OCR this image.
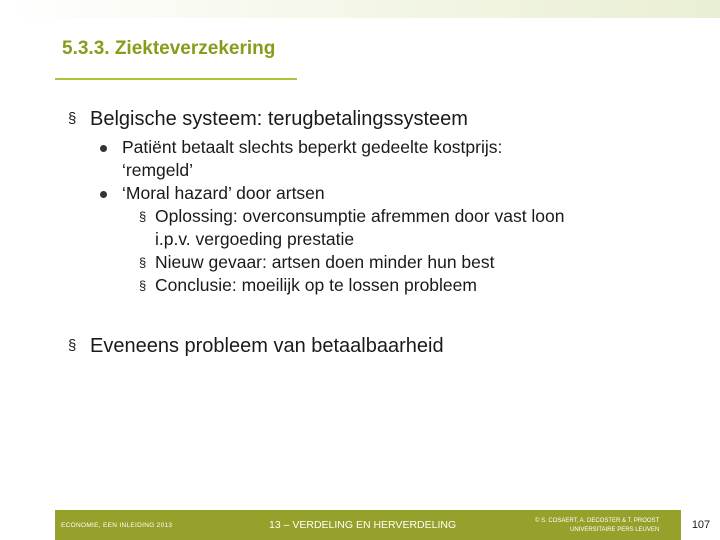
5.3.3. Ziekteverzekering
§ Belgische systeem: terugbetalingssysteem
Patiënt betaalt slechts beperkt gedeelte kostprijs:
‘remgeld’
‘Moral hazard’ door artsen
§ Oplossing: overconsumptie afremmen door vast loon
i.p.v. vergoeding prestatie
§ Nieuw gevaar: artsen doen minder hun best
§ Conclusie: moeilijk op te lossen probleem
§ Eveneens probleem van betaalbaarheid
ECONOMIE, EEN INLEIDING 2013	13 – VERDELING EN HERVERDELING	© S. COSAERT, A. DECOSTER & T. PROOST
UNIVERSITAIRE PERS LEUVEN	107
